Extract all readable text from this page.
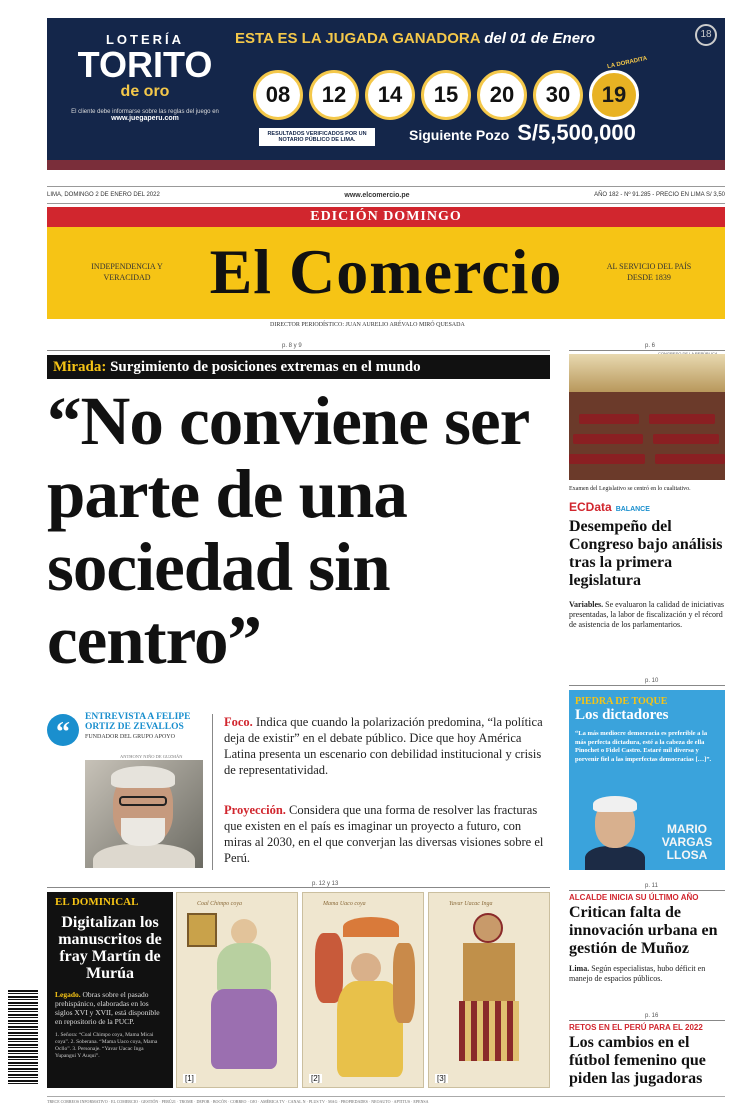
LOTERÍA
TORITO
de oro
El cliente debe informarse sobre las reglas del juego en
www.juegaperu.com
ESTA ES LA JUGADA GANADORA del 01 de Enero	18
LA DORADITA
08	12	14	15	20	30	19
RESULTADOS VERIFICADOS POR UN NOTARIO PÚBLICO DE LIMA.	Siguiente Pozo S/5,500,000
LIMA, DOMINGO 2 DE ENERO DEL 2022	www.elcomercio.pe	AÑO 182 - Nº 91.285 - PRECIO EN LIMA S/ 3,50
EDICIÓN DOMINGO
INDEPENDENCIA Y VERACIDAD El Comercio	AL SERVICIO DEL PAÍS DESDE 1839
DIRECTOR PERIODÍSTICO: JUAN AURELIO ARÉVALO MIRÓ QUESADA
p. 8 y 9
Mirada: Surgimiento de posiciones extremas en el mundo
“No conviene ser parte de una sociedad sin centro”
“	ENTREVISTA A FELIPE ORTIZ DE ZEVALLOS
FUNDADOR DEL GRUPO APOYO
ANTHONY NIÑO DE GUZMÁN
Foco. Indica que cuando la polarización predomina, “la política deja de existir” en el debate público. Dice que hoy América Latina presenta un escenario con debilidad institucional y crisis de representatividad.
Proyección. Considera que una forma de resolver las fracturas que existen en el país es imaginar un proyecto a futuro, con miras al 2030, en el que converjan las diversas visiones sobre el Perú.
p. 12 y 13
EL DOMINICAL
Digitalizan los manuscritos de fray Martín de Murúa
Legado. Obras sobre el pasado prehispánico, elaboradas en los siglos XVI y XVII, está disponible en repositorio de la PUCP.
1. Señora: “Coal Chimpo coya, Mama Micai coya”. 2. Soberana. “Mama Uaco coya, Mama Ocllo”. 3. Personaje. “Yavar Uacac Inga Yupangui Y Auqui”.
Coal Chimpo coya
[1]
Mama Uaco coya
[2]
Yavar Uacac Inga
[3]
p. 6
Examen del Legislativo se centró en lo cualitativo.
ECData BALANCE
Desempeño del Congreso bajo análisis tras la primera legislatura
Variables. Se evaluaron la calidad de iniciativas presentadas, la labor de fiscalización y el récord de asistencia de los parlamentarios.
p. 10
PIEDRA DE TOQUE
Los dictadores
“La más mediocre democracia es preferible a la más perfecta dictadura, esté a la cabeza de ella Pinochet o Fidel Castro. Estaré mil diversa y porvenir fiel a las imperfectas democracias […]”.
MARIO VARGAS LLOSA
p. 11
ALCALDE INICIA SU ÚLTIMO AÑO
Critican falta de innovación urbana en gestión de Muñoz
Lima. Según especialistas, hubo déficit en manejo de espacios públicos.
p. 16
RETOS EN EL PERÚ PARA EL 2022
Los cambios en el fútbol femenino que piden las jugadoras
TRECE CORREOS INFORMATIVO · EL COMERCIO · GESTIÓN · PERÚ21 · TROME · DEPOR · BOCÓN · CORREO · OJO · AMÉRICA TV · CANAL N · PLUS TV · MAG · PROPIEDADES · NEOAUTO · APTITUS · EPENSA
